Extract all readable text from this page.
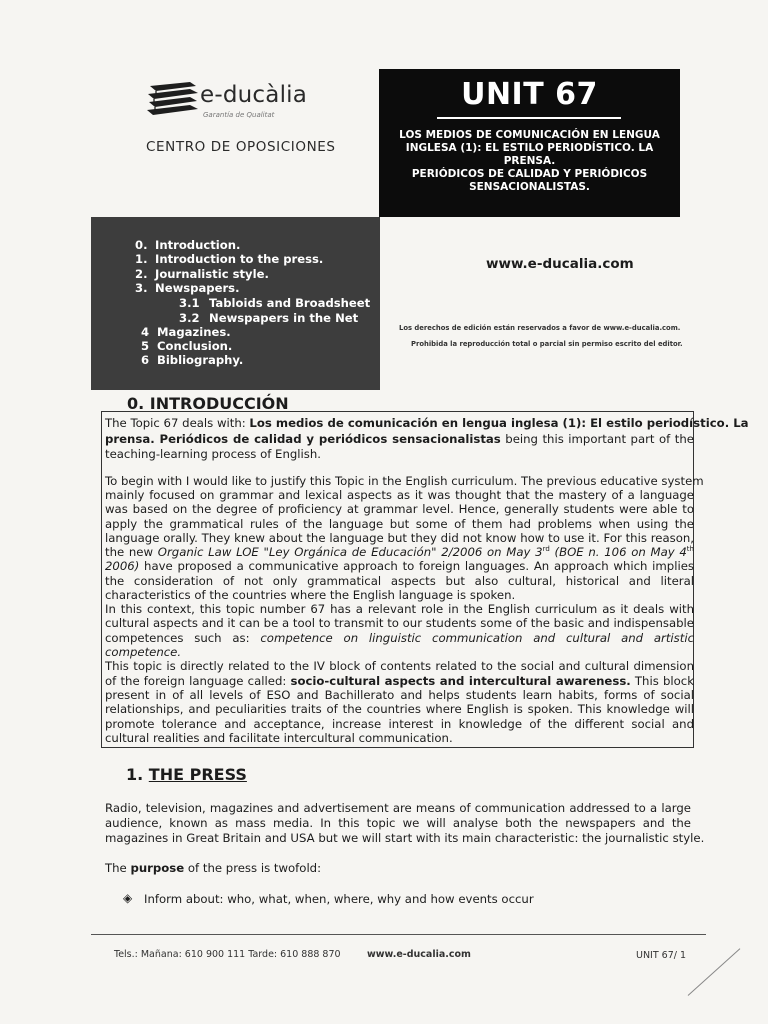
e-ducàlia
Garantía de Qualitat
CENTRO DE OPOSICIONES
UNIT 67
LOS MEDIOS DE COMUNICACIÓN EN LENGUA
INGLESA (1): EL ESTILO PERIODÍSTICO. LA PRENSA.
PERIÓDICOS DE CALIDAD Y PERIÓDICOS
SENSACIONALISTAS.
0. Introduction.
1. Introduction to the press.
2. Journalistic style.
3. Newspapers.
3.1 Tabloids and Broadsheet
3.2 Newspapers in the Net
4 Magazines.
5 Conclusion.
6 Bibliography.
www.e-ducalia.com
Los derechos de edición están reservados a favor de www.e-ducalia.com.
Prohibida la reproducción total o parcial sin permiso escrito del editor.
0. INTRODUCCIÓN
The Topic 67 deals with: Los medios de comunicación en lengua inglesa (1): El estilo periodístico. La
prensa. Periódicos de calidad y periódicos sensacionalistas being this important part of the
teaching-learning process of English.
To begin with I would like to justify this Topic in the English curriculum. The previous educative system
mainly focused on grammar and lexical aspects as it was thought that the mastery of a language
was based on the degree of proficiency at grammar level. Hence, generally students were able to
apply the grammatical rules of the language but some of them had problems when using the
language orally. They knew about the language but they did not know how to use it. For this reason,
the new Organic Law LOE "Ley Orgánica de Educación" 2/2006 on May 3rd (BOE n. 106 on May 4th
2006) have proposed a communicative approach to foreign languages. An approach which implies
the consideration of not only grammatical aspects but also cultural, historical and literal
characteristics of the countries where the English language is spoken.
In this context, this topic number 67 has a relevant role in the English curriculum as it deals with
cultural aspects and it can be a tool to transmit to our students some of the basic and indispensable
competences such as: competence on linguistic communication and cultural and artistic
competence.
This topic is directly related to the IV block of contents related to the social and cultural dimension
of the foreign language called: socio-cultural aspects and intercultural awareness. This block
present in of all levels of ESO and Bachillerato and helps students learn habits, forms of social
relationships, and peculiarities traits of the countries where English is spoken. This knowledge will
promote tolerance and acceptance, increase interest in knowledge of the different social and
cultural realities and facilitate intercultural communication.
1. THE PRESS
Radio, television, magazines and advertisement are means of communication addressed to a large
audience, known as mass media. In this topic we will analyse both the newspapers and the
magazines in Great Britain and USA but we will start with its main characteristic: the journalistic style.
The purpose of the press is twofold:
◈ Inform about: who, what, when, where, why and how events occur
Tels.: Mañana: 610 900 111 Tarde: 610 888 870	www.e-ducalia.com	UNIT 67/ 1
